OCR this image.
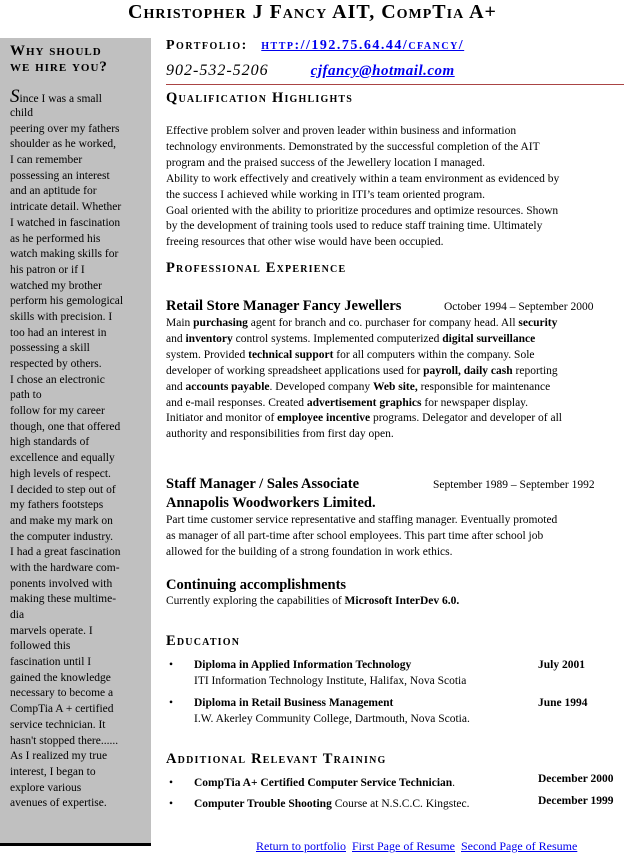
Christopher J Fancy AIT, CompTia A+
Why should
we hire you?
Since I was a small
child
peering over my fathers
shoulder as he worked,
I can remember
possessing an interest
and an aptitude for
intricate detail. Whether
I watched in fascination
as he performed his
watch making skills for
his patron or if I
watched my brother
perform his gemological
skills with precision. I
too had an interest in
possessing a skill
respected by others.
I chose an electronic
path to
follow for my career
though, one that offered
high standards of
excellence and equally
high levels of respect.
I decided to step out of
my fathers footsteps
and make my mark on
the computer industry.
I had a great fascination
with the hardware com-
ponents involved with
making these multime-
dia
marvels operate. I
followed this
fascination until I
gained the knowledge
necessary to become a
CompTia A + certified
service technician. It
hasn't stopped there......
As I realized my true
interest, I began to
explore various
avenues of expertise.
Portfolio: http://192.75.64.44/cfancy/
902-532-5206	cjfancy@hotmail.com
Qualification Highlights
Effective problem solver and proven leader within business and information
technology environments. Demonstrated by the successful completion of the AIT
program and the praised success of the Jewellery location I managed.
Ability to work effectively and creatively within a team environment as evidenced by
the success I achieved while working in ITI’s team oriented program.
Goal oriented with the ability to prioritize procedures and optimize resources. Shown
by the development of training tools used to reduce staff training time. Ultimately
freeing resources that other wise would have been occupied.
Professional Experience
Retail Store Manager Fancy Jewellers	October 1994 – September 2000
Main purchasing agent for branch and co. purchaser for company head. All security
and inventory control systems. Implemented computerized digital surveillance
system. Provided technical support for all computers within the company. Sole
developer of working spreadsheet applications used for payroll, daily cash reporting
and accounts payable. Developed company Web site, responsible for maintenance
and e-mail responses. Created advertisement graphics for newspaper display.
Initiator and monitor of employee incentive programs. Delegator and developer of all
authority and responsibilities from first day open.
Staff Manager / Sales Associate	September 1989 – September 1992
Annapolis Woodworkers Limited.
Part time customer service representative and staffing manager. Eventually promoted
as manager of all part-time after school employees. This part time after school job
allowed for the building of a strong foundation in work ethics.
Continuing accomplishments
Currently exploring the capabilities of Microsoft InterDev 6.0.
Education
• Diploma in Applied Information Technology
ITI Information Technology Institute, Halifax, Nova Scotia
July 2001
• Diploma in Retail Business Management
I.W. Akerley Community College, Dartmouth, Nova Scotia.
June 1994
Additional Relevant Training
• CompTia A+ Certified Computer Service Technician.	December 2000
• Computer Trouble Shooting Course at N.S.C.C. Kingstec.	December 1999
Return to portfolio First Page of Resume Second Page of Resume
